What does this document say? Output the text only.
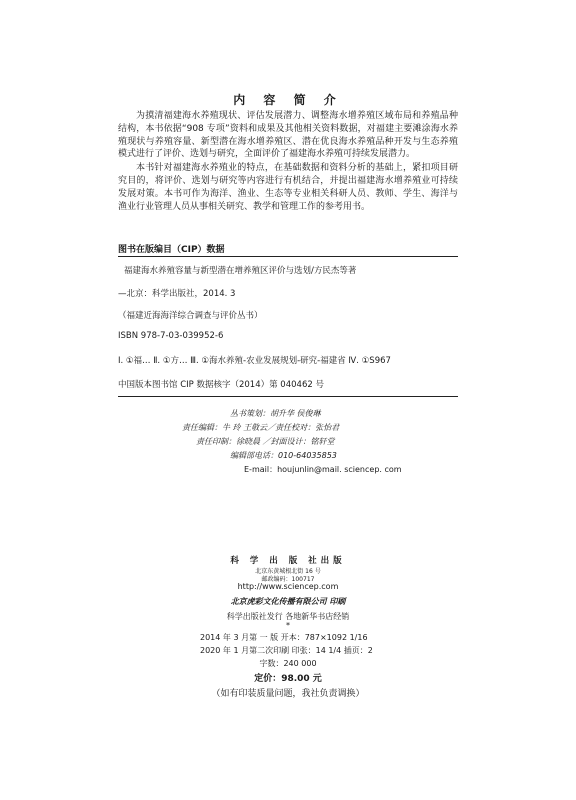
内 容 简 介

为摸清福建海水养殖现状、评估发展潜力、调整海水增养殖区域布局和养殖品种结构，本书依据“908 专项”资料和成果及其他相关资料数据，对福建主要滩涂海水养殖现状与养殖容量、新型潜在海水增养殖区、潜在优良海水养殖品种开发与生态养殖模式进行了评价、选划与研究，全面评价了福建海水养殖可持续发展潜力。

本书针对福建海水养殖业的特点，在基础数据和资料分析的基础上，紧扣项目研究目的，将评价、选划与研究等内容进行有机结合，并提出福建海水增养殖业可持续发展对策。本书可作为海洋、渔业、生态等专业相关科研人员、教师、学生、海洋与渔业行业管理人员从事相关研究、教学和管理工作的参考用书。

图书在版编目（CIP）数据
福建海水养殖容量与新型潜在增养殖区评价与选划/方民杰等著
—北京：科学出版社，2014. 3
（福建近海海洋综合调查与评价丛书）
ISBN 978-7-03-039952-6
Ⅰ. ①福… Ⅱ. ①方… Ⅲ. ①海水养殖-农业发展规划-研究-福建省 Ⅳ. ①S967
中国版本图书馆 CIP 数据核字（2014）第 040462 号
丛书策划：胡升华 侯俊琳
责任编辑：牛 玲 王敬云／责任校对：张怡君
责任印制：徐晓晨 ／封面设计：铭轩堂
编辑部电话：010-64035853
E-mail：houjunlin@mail. sciencep. com
科 学 出 版 社出版
北京东黄城根北街 16 号
邮政编码：100717
http://www.sciencep.com
北京虎彩文化传播有限公司 印刷
科学出版社发行 各地新华书店经销
*
2014 年 3 月第 一 版 开本：787×1092 1/16
2020 年 1 月第二次印刷 印张：14 1/4 插页：2
字数：240 000
定价：98.00 元
（如有印装质量问题，我社负责调换）
